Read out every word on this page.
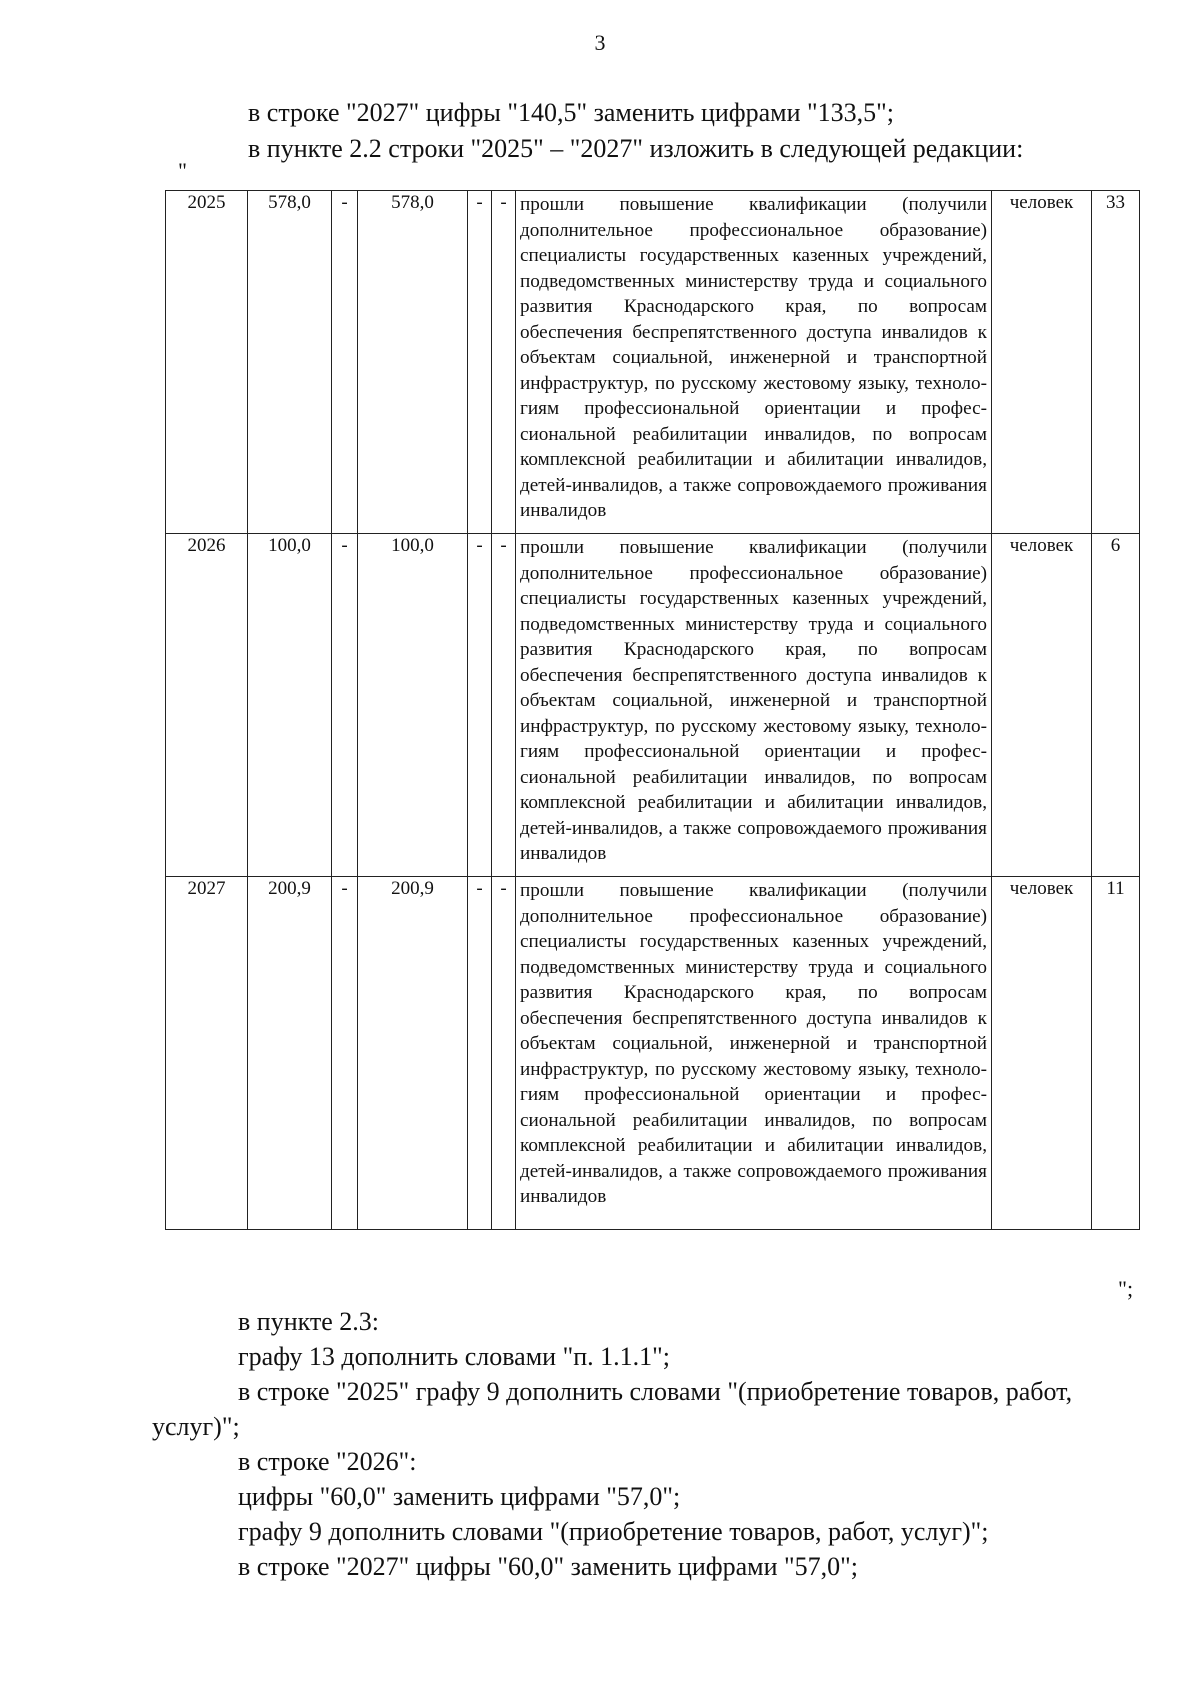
3
в строке "2027" цифры "140,5" заменить цифрами "133,5";
в пункте 2.2 строки "2025" – "2027" изложить в следующей редакции:
"
2025	578,0	-	578,0	-	-	прошли повышение квалификации (получили дополнительное профессиональное образование) специалисты государственных казенных учреждений, подведомственных министерству труда и социального развития Краснодарского края, по вопросам обеспечения беспрепятственного доступа инвалидов к объектам социальной, инженерной и транспортной инфраструктур, по русскому жестовому языку, технологиям профессиональной ориентации и профессиональной реабилитации инвалидов, по вопросам комплексной реабилитации и абилитации инвалидов, детей-инвалидов, а также сопровождаемого проживания инвалидов	человек	33
2026	100,0	-	100,0	-	-	прошли повышение квалификации (получили дополнительное профессиональное образование) специалисты государственных казенных учреждений, подведомственных министерству труда и социального развития Краснодарского края, по вопросам обеспечения беспрепятственного доступа инвалидов к объектам социальной, инженерной и транспортной инфраструктур, по русскому жестовому языку, технологиям профессиональной ориентации и профессиональной реабилитации инвалидов, по вопросам комплексной реабилитации и абилитации инвалидов, детей-инвалидов, а также сопровождаемого проживания инвалидов	человек	6
2027	200,9	-	200,9	-	-	прошли повышение квалификации (получили дополнительное профессиональное образование) специалисты государственных казенных учреждений, подведомственных министерству труда и социального развития Краснодарского края, по вопросам обеспечения беспрепятственного доступа инвалидов к объектам социальной, инженерной и транспортной инфраструктур, по русскому жестовому языку, технологиям профессиональной ориентации и профессиональной реабилитации инвалидов, по вопросам комплексной реабилитации и абилитации инвалидов, детей-инвалидов, а также сопровождаемого проживания инвалидов	человек	11
";
в пункте 2.3:
графу 13 дополнить словами "п. 1.1.1";
в строке "2025" графу 9 дополнить словами "(приобретение товаров, работ,
услуг)";
в строке "2026":
цифры "60,0" заменить цифрами "57,0";
графу 9 дополнить словами "(приобретение товаров, работ, услуг)";
в строке "2027" цифры "60,0" заменить цифрами "57,0";
